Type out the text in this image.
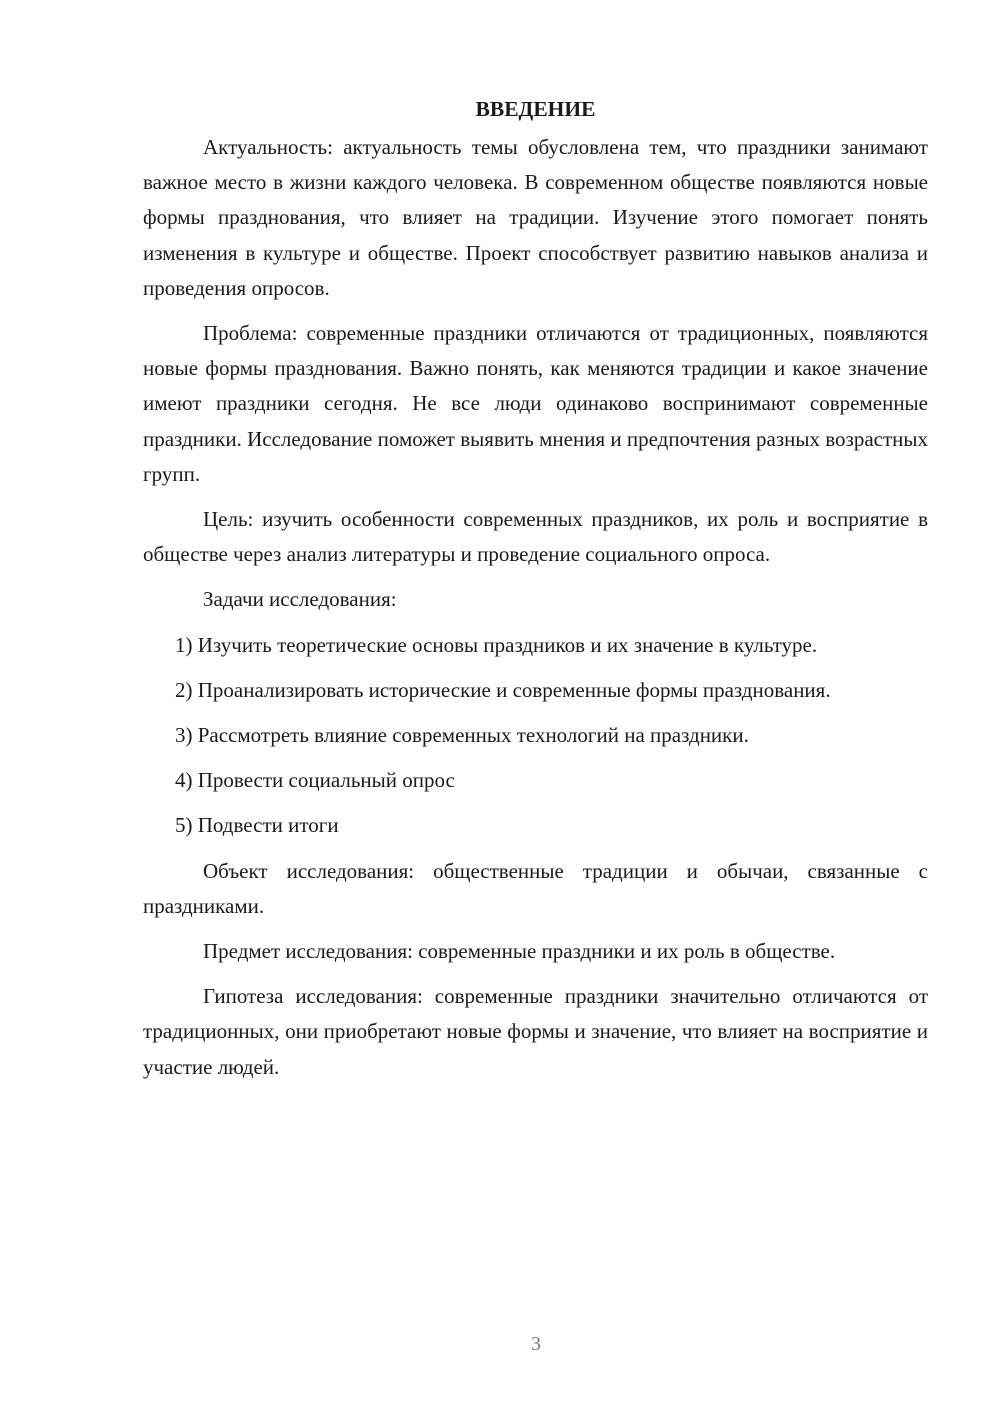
ВВЕДЕНИЕ

Актуальность: актуальность темы обусловлена тем, что праздники занимают важное место в жизни каждого человека. В современном обществе появляются новые формы празднования, что влияет на традиции. Изучение этого помогает понять изменения в культуре и обществе. Проект способствует развитию навыков анализа и проведения опросов.

Проблема: современные праздники отличаются от традиционных, появляются новые формы празднования. Важно понять, как меняются традиции и какое значение имеют праздники сегодня. Не все люди одинаково воспринимают современные праздники. Исследование поможет выявить мнения и предпочтения разных возрастных групп.

Цель: изучить особенности современных праздников, их роль и восприятие в обществе через анализ литературы и проведение социального опроса.

Задачи исследования:

1) Изучить теоретические основы праздников и их значение в культуре.

2) Проанализировать исторические и современные формы празднования.

3) Рассмотреть влияние современных технологий на праздники.

4) Провести социальный опрос

5) Подвести итоги

Объект исследования: общественные традиции и обычаи, связанные с праздниками.

Предмет исследования: современные праздники и их роль в обществе.

Гипотеза исследования: современные праздники значительно отличаются от традиционных, они приобретают новые формы и значение, что влияет на восприятие и участие людей.

3
